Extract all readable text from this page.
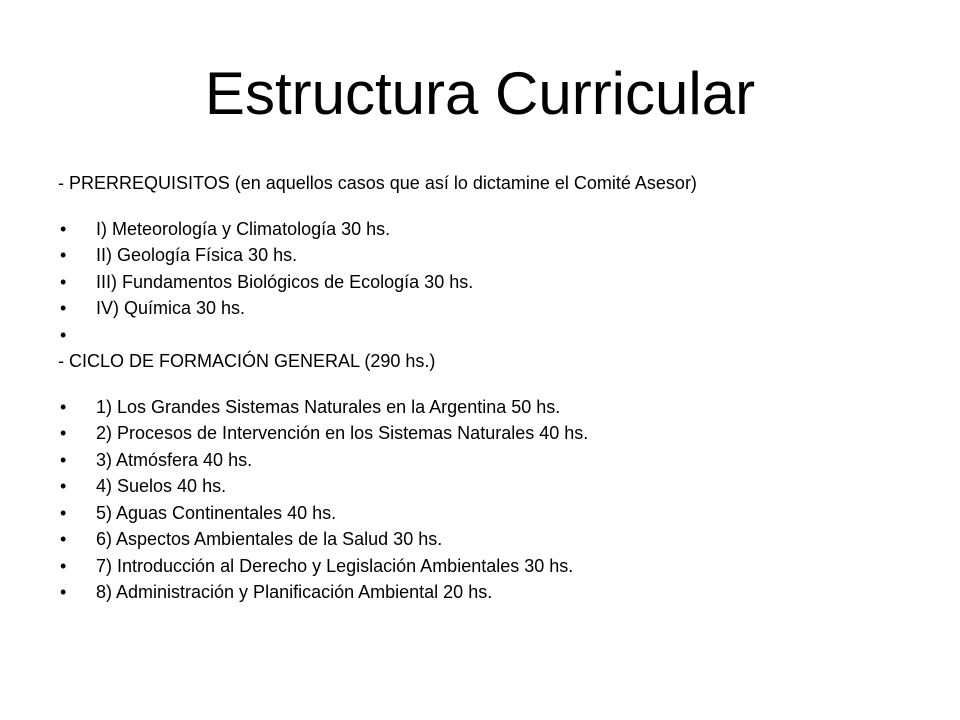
Estructura Curricular

- PRERREQUISITOS (en aquellos casos que así lo dictamine el Comité Asesor)

• I) Meteorología y Climatología 30 hs.
• II) Geología Física 30 hs.
• III) Fundamentos Biológicos de Ecología 30 hs.
• IV) Química 30 hs.
•

- CICLO DE FORMACIÓN GENERAL (290 hs.)

• 1) Los Grandes Sistemas Naturales en la Argentina 50 hs.
• 2) Procesos de Intervención en los Sistemas Naturales 40 hs.
• 3) Atmósfera 40 hs.
• 4) Suelos 40 hs.
• 5) Aguas Continentales 40 hs.
• 6) Aspectos Ambientales de la Salud 30 hs.
• 7) Introducción al Derecho y Legislación Ambientales 30 hs.
• 8) Administración y Planificación Ambiental 20 hs.
